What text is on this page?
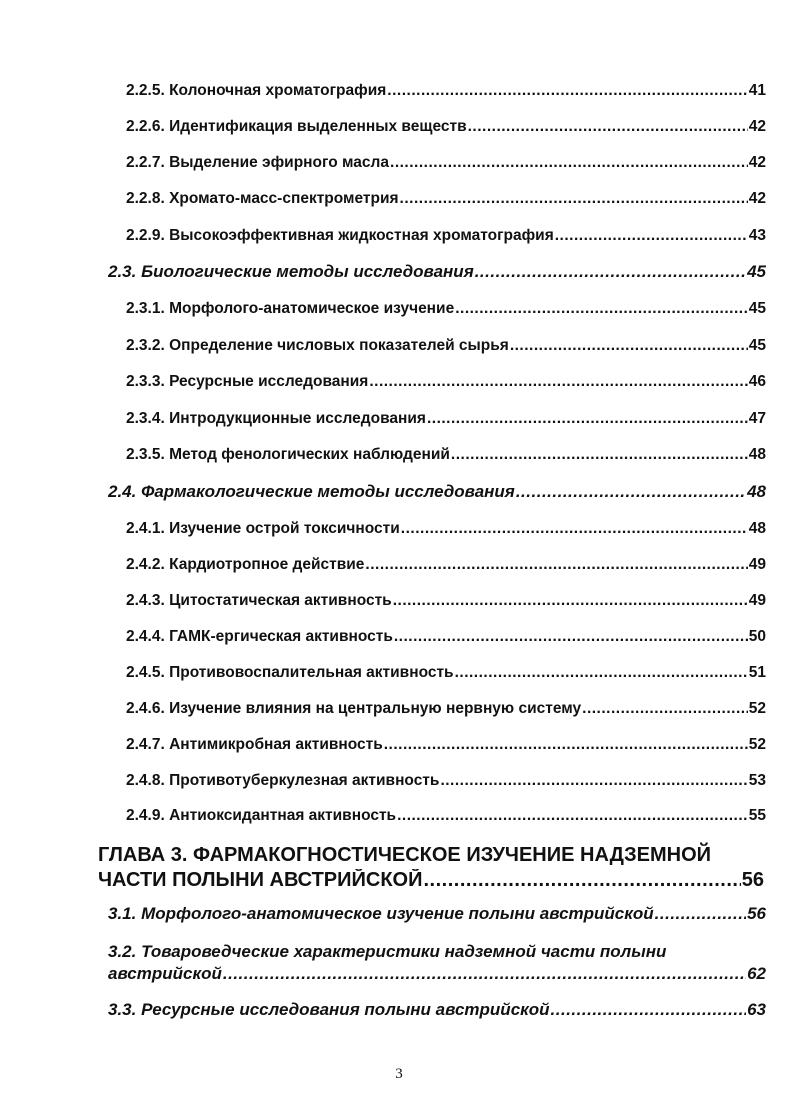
2.2.5. Колоночная хроматография .....	41
2.2.6. Идентификация выделенных веществ .....	42
2.2.7. Выделение эфирного масла .....	42
2.2.8. Хромато-масс-спектрометрия .....	42
2.2.9. Высокоэффективная жидкостная хроматография .....	43
2.3. Биологические методы исследования .....	45
2.3.1. Морфолого-анатомическое изучение .....	45
2.3.2. Определение числовых показателей сырья .....	45
2.3.3. Ресурсные исследования .....	46
2.3.4. Интродукционные исследования .....	47
2.3.5. Метод фенологических наблюдений .....	48
2.4. Фармакологические методы исследования .....	48
2.4.1. Изучение острой токсичности .....	48
2.4.2. Кардиотропное действие .....	49
2.4.3. Цитостатическая активность .....	49
2.4.4. ГАМК-ергическая активность .....	50
2.4.5. Противовоспалительная активность .....	51
2.4.6. Изучение влияния на центральную нервную систему .....	52
2.4.7. Антимикробная активность .....	52
2.4.8. Противотуберкулезная активность .....	53
2.4.9. Антиоксидантная активность .....	55
ГЛАВА 3. ФАРМАКОГНОСТИЧЕСКОЕ ИЗУЧЕНИЕ НАДЗЕМНОЙ
ЧАСТИ ПОЛЫНИ АВСТРИЙСКОЙ .....	56
3.1. Морфолого-анатомическое изучение полыни австрийской .....	56
3.2. Товароведческие характеристики надземной части полыни
австрийской .....	62
3.3. Ресурсные исследования полыни австрийской .....	63
3
